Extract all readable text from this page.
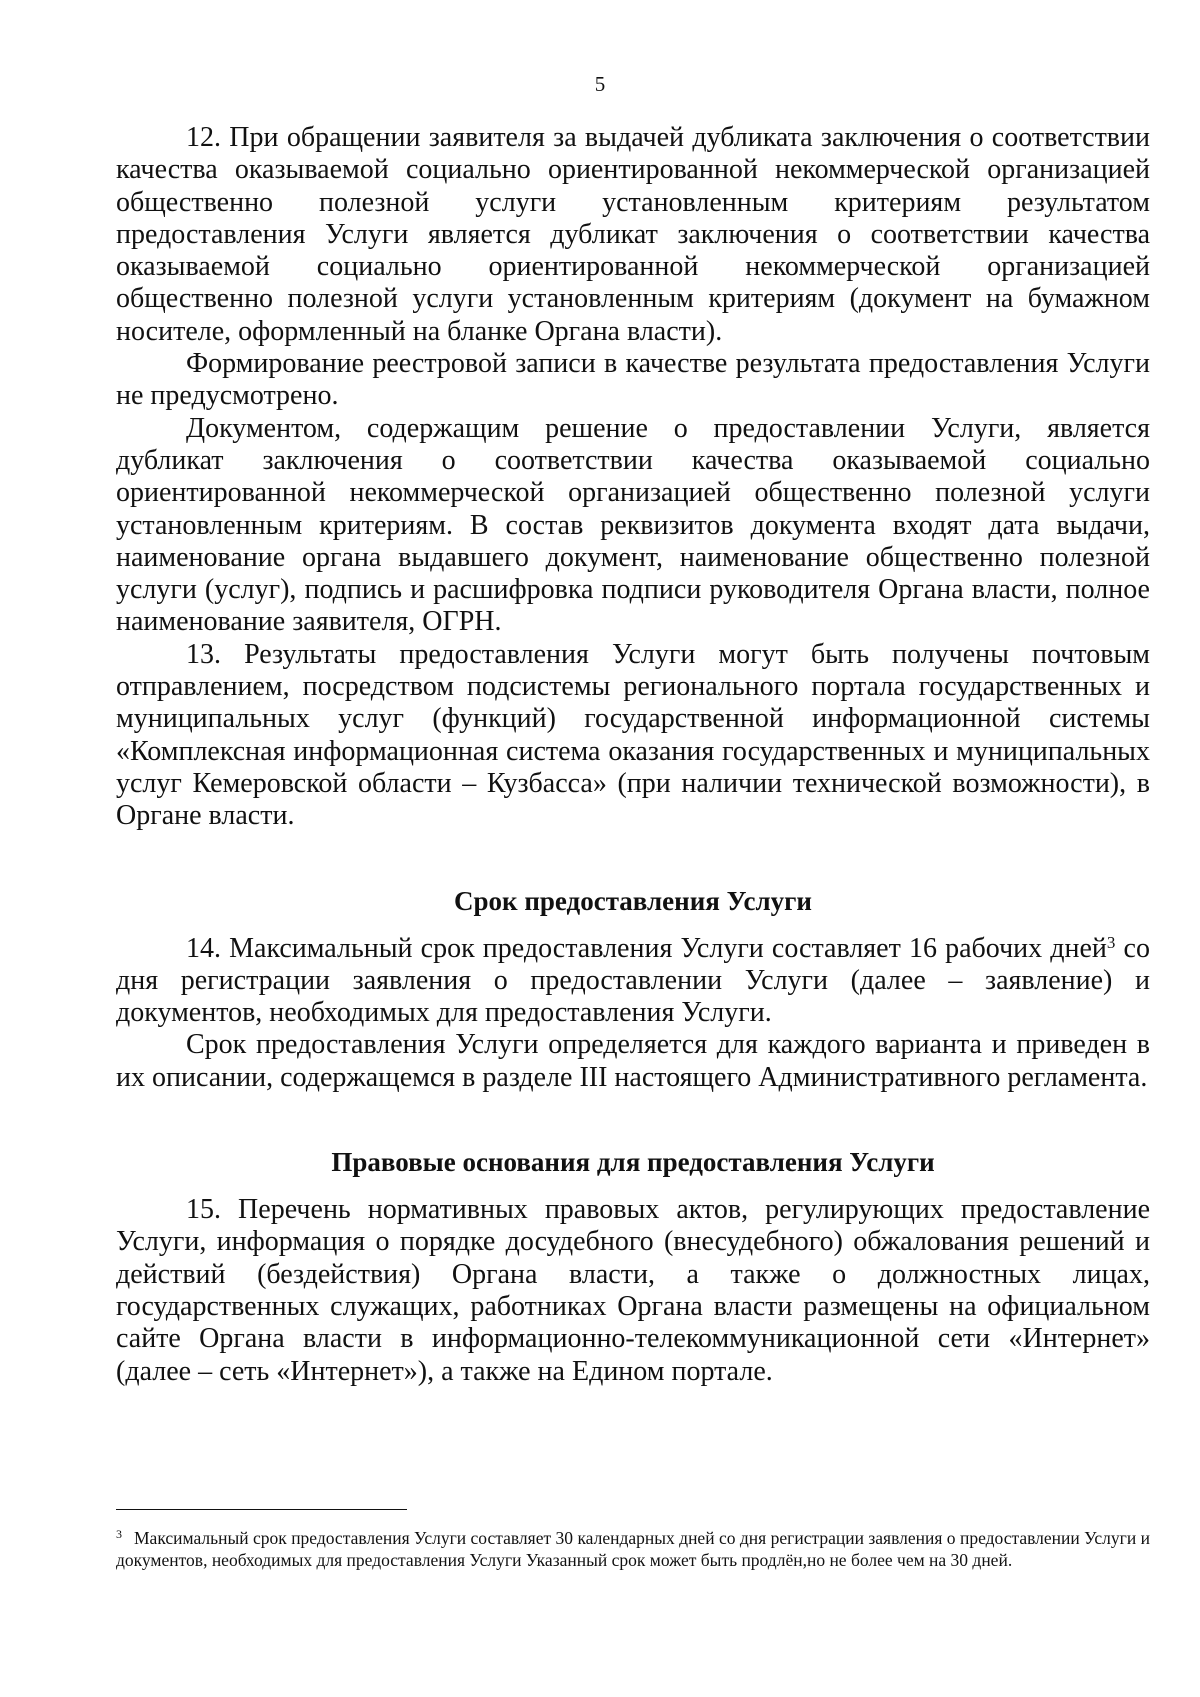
5

12. При обращении заявителя за выдачей дубликата заключения о соответствии качества оказываемой социально ориентированной некоммерческой организацией общественно полезной услуги установленным критериям результатом предоставления Услуги является дубликат заключения о соответствии качества оказываемой социально ориентированной некоммерческой организацией общественно полезной услуги установленным критериям (документ на бумажном носителе, оформленный на бланке Органа власти).

Формирование реестровой записи в качестве результата предоставления Услуги не предусмотрено.

Документом, содержащим решение о предоставлении Услуги, является дубликат заключения о соответствии качества оказываемой социально ориентированной некоммерческой организацией общественно полезной услуги установленным критериям. В состав реквизитов документа входят дата выдачи, наименование органа выдавшего документ, наименование общественно полезной услуги (услуг), подпись и расшифровка подписи руководителя Органа власти, полное наименование заявителя, ОГРН.

13. Результаты предоставления Услуги могут быть получены почтовым отправлением, посредством подсистемы регионального портала государственных и муниципальных услуг (функций) государственной информационной системы «Комплексная информационная система оказания государственных и муниципальных услуг Кемеровской области – Кузбасса» (при наличии технической возможности), в Органе власти.

Срок предоставления Услуги

14. Максимальный срок предоставления Услуги составляет 16 рабочих дней$^3$ со дня регистрации заявления о предоставлении Услуги (далее – заявление) и документов, необходимых для предоставления Услуги.

Срок предоставления Услуги определяется для каждого варианта и приведен в их описании, содержащемся в разделе III настоящего Административного регламента.

Правовые основания для предоставления Услуги

15. Перечень нормативных правовых актов, регулирующих предоставление Услуги, информация о порядке досудебного (внесудебного) обжалования решений и действий (бездействия) Органа власти, а также о должностных лицах, государственных служащих, работниках Органа власти размещены на официальном сайте Органа власти в информационно-телекоммуникационной сети «Интернет» (далее – сеть «Интернет»), а также на Едином портале.

$^3$ Максимальный срок предоставления Услуги составляет 30 календарных дней со дня регистрации заявления о предоставлении Услуги и документов, необходимых для предоставления Услуги Указанный срок может быть продлён,но не более чем на 30 дней.
